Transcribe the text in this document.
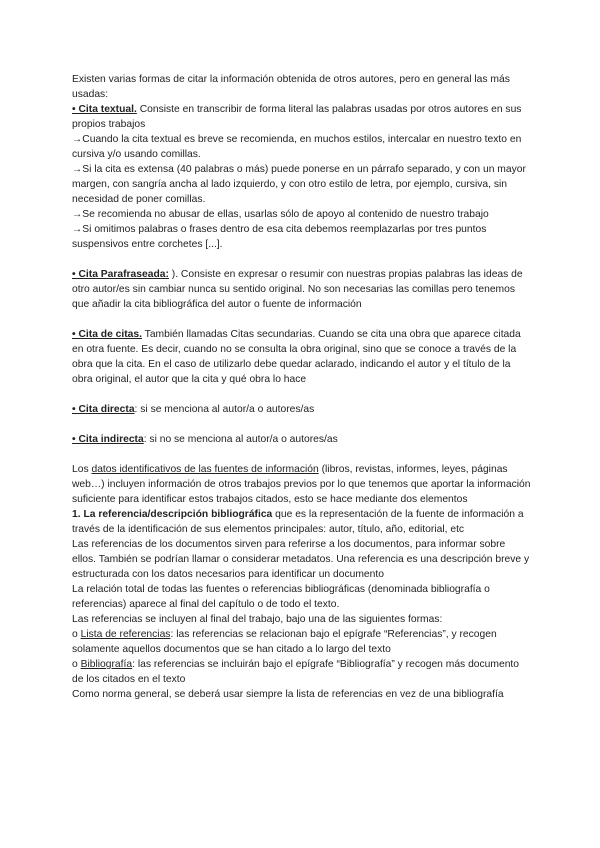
Existen varias formas de citar la información obtenida de otros autores, pero en general las más usadas:

• Cita textual. Consiste en transcribir de forma literal las palabras usadas por otros autores en sus propios trabajos

→Cuando la cita textual es breve se recomienda, en muchos estilos, intercalar en nuestro texto en cursiva y/o usando comillas.

→Si la cita es extensa (40 palabras o más) puede ponerse en un párrafo separado, y con un mayor margen, con sangría ancha al lado izquierdo, y con otro estilo de letra, por ejemplo, cursiva, sin necesidad de poner comillas.

→Se recomienda no abusar de ellas, usarlas sólo de apoyo al contenido de nuestro trabajo

→Si omitimos palabras o frases dentro de esa cita debemos reemplazarlas por tres puntos suspensivos entre corchetes [...].

• Cita Parafraseada: ). Consiste en expresar o resumir con nuestras propias palabras las ideas de otro autor/es sin cambiar nunca su sentido original. No son necesarias las comillas pero tenemos que añadir la cita bibliográfica del autor o fuente de información

• Cita de citas. También llamadas Citas secundarias. Cuando se cita una obra que aparece citada en otra fuente. Es decir, cuando no se consulta la obra original, sino que se conoce a través de la obra que la cita. En el caso de utilizarlo debe quedar aclarado, indicando el autor y el título de la obra original, el autor que la cita y qué obra lo hace

• Cita directa: si se menciona al autor/a o autores/as

• Cita indirecta: si no se menciona al autor/a o autores/as

Los datos identificativos de las fuentes de información (libros, revistas, informes, leyes, páginas web…) incluyen información de otros trabajos previos por lo que tenemos que aportar la información suficiente para identificar estos trabajos citados, esto se hace mediante dos elementos

1. La referencia/descripción bibliográfica que es la representación de la fuente de información a través de la identificación de sus elementos principales: autor, título, año, editorial, etc

Las referencias de los documentos sirven para referirse a los documentos, para informar sobre ellos. También se podrían llamar o considerar metadatos. Una referencia es una descripción breve y estructurada con los datos necesarios para identificar un documento

La relación total de todas las fuentes o referencias bibliográficas (denominada bibliografía o referencias) aparece al final del capítulo o de todo el texto.

Las referencias se incluyen al final del trabajo, bajo una de las siguientes formas:

o Lista de referencias: las referencias se relacionan bajo el epígrafe “Referencias”, y recogen solamente aquellos documentos que se han citado a lo largo del texto

o Bibliografía: las referencias se incluirán bajo el epígrafe “Bibliografía” y recogen más documento de los citados en el texto

Como norma general, se deberá usar siempre la lista de referencias en vez de una bibliografía
